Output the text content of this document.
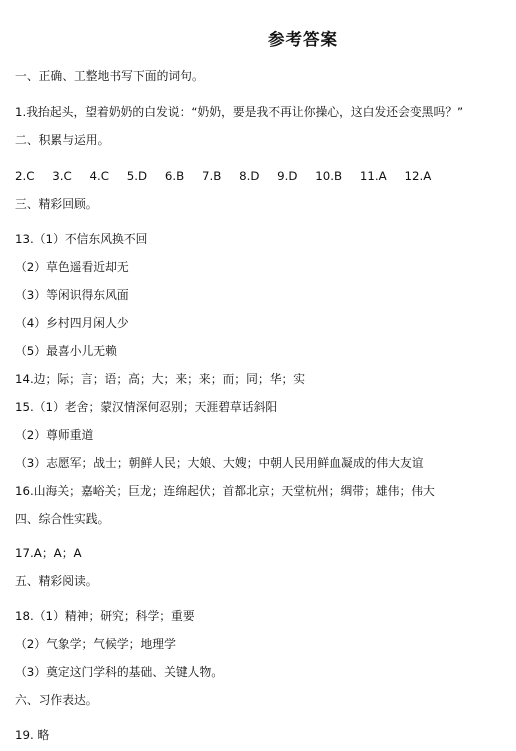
参考答案
一、正确、工整地书写下面的词句。
1.我抬起头，望着奶奶的白发说：“奶奶，要是我不再让你操心，这白发还会变黑吗？”
二、积累与运用。
2.C 3.C 4.C 5.D 6.B 7.B 8.D 9.D 10.B 11.A 12.A
三、精彩回顾。
13.（1）不信东风换不回
（2）草色遥看近却无
（3）等闲识得东风面
（4）乡村四月闲人少
（5）最喜小儿无赖
14.边；际；言；语；高；大；来；来；而；同；华；实
15.（1）老舍；蒙汉情深何忍别；天涯碧草话斜阳
（2）尊师重道
（3）志愿军；战士；朝鲜人民；大娘、大嫂；中朝人民用鲜血凝成的伟大友谊
16.山海关；嘉峪关；巨龙；连绵起伏；首都北京；天堂杭州；绸带；雄伟；伟大
四、综合性实践。
17.A；A；A
五、精彩阅读。
18.（1）精神；研究；科学；重要
（2）气象学；气候学；地理学
（3）奠定这门学科的基础、关键人物。
六、习作表达。
19. 略
